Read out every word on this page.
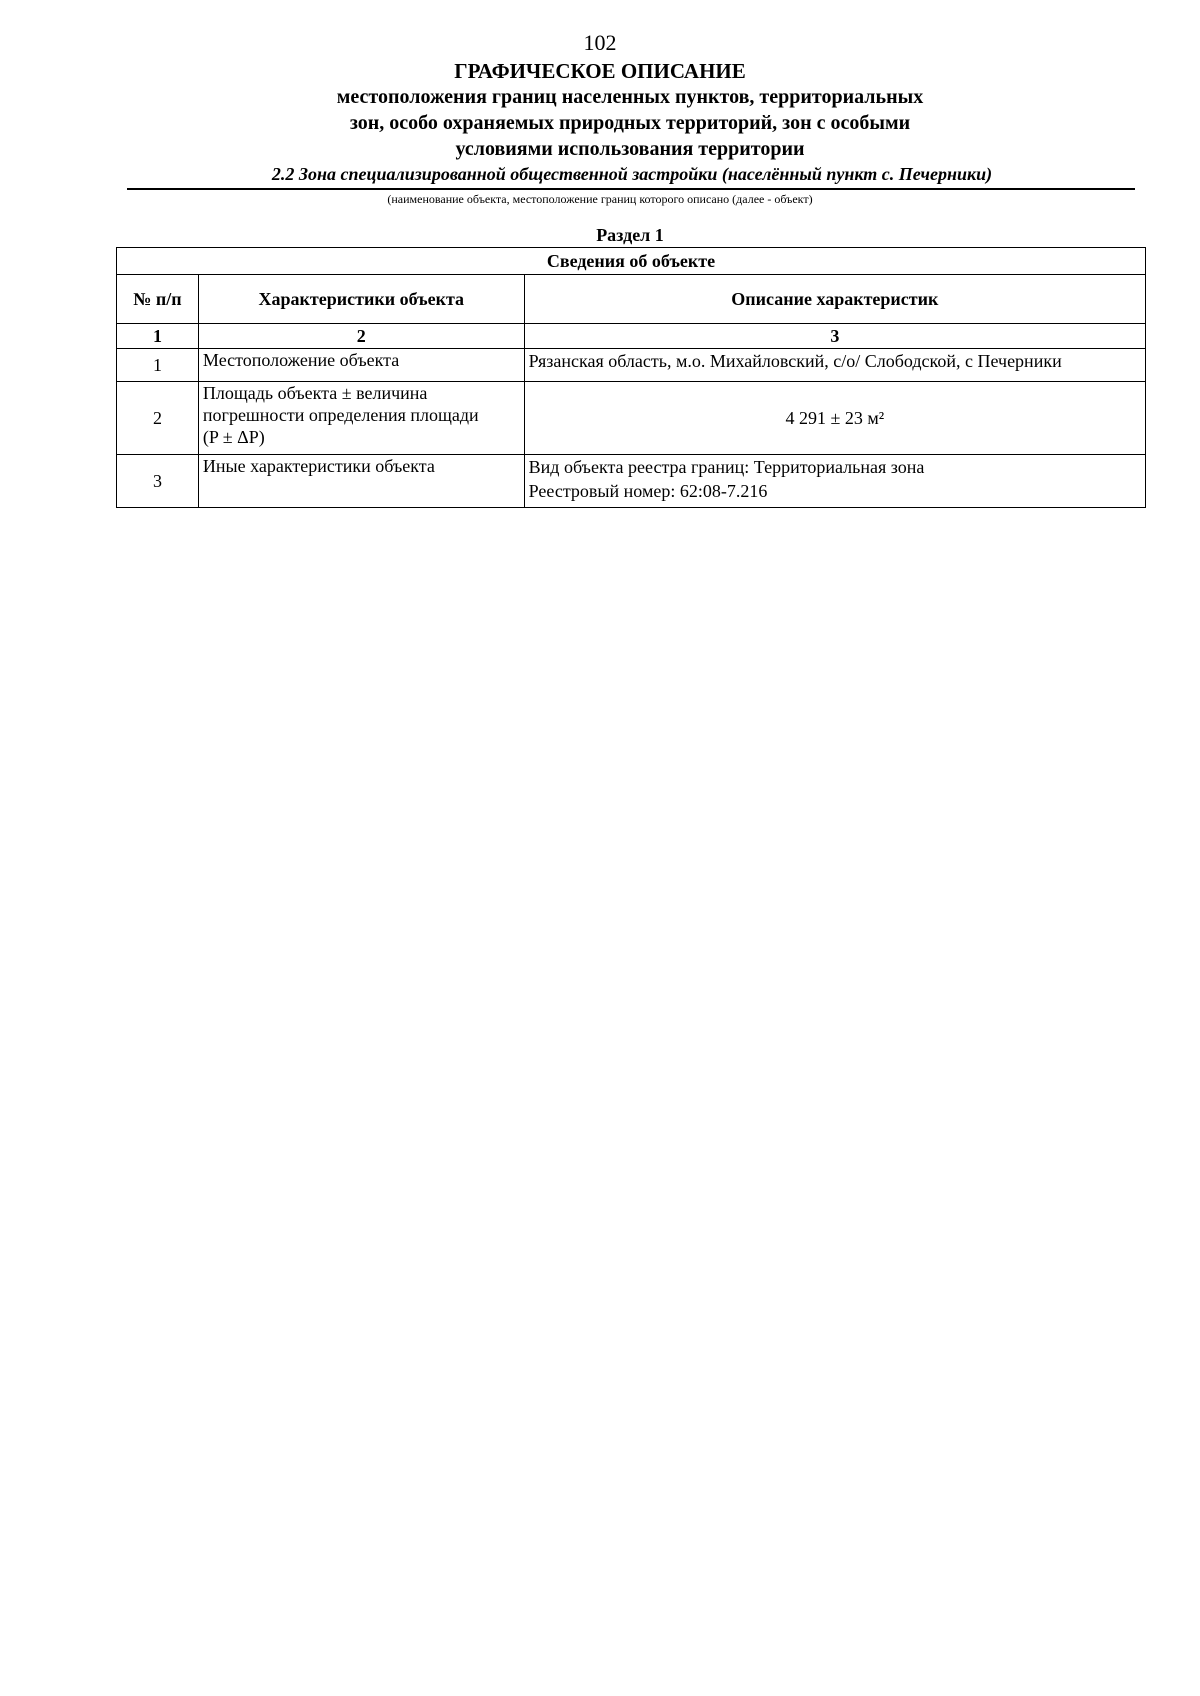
102
ГРАФИЧЕСКОЕ ОПИСАНИЕ
местоположения границ населенных пунктов, территориальных
зон, особо охраняемых природных территорий, зон с особыми
условиями использования территории
2.2 Зона специализированной общественной застройки (населённый пункт с. Печерники)
(наименование объекта, местоположение границ которого описано (далее - объект)
Раздел 1
Сведения об объекте		
№ п/п	Характеристики объекта	Описание характеристик
1	2	3
1	Местоположение объекта	Рязанская область, м.о. Михайловский, с/о/ Слободской, с Печерники

2	Площадь объекта ± величина
погрешности определения площади
(P ± ΔP)	4 291 ± 23 м²

3	Иные характеристики объекта	Вид объекта реестра границ: Территориальная зона
Реестровый номер: 62:08-7.216
